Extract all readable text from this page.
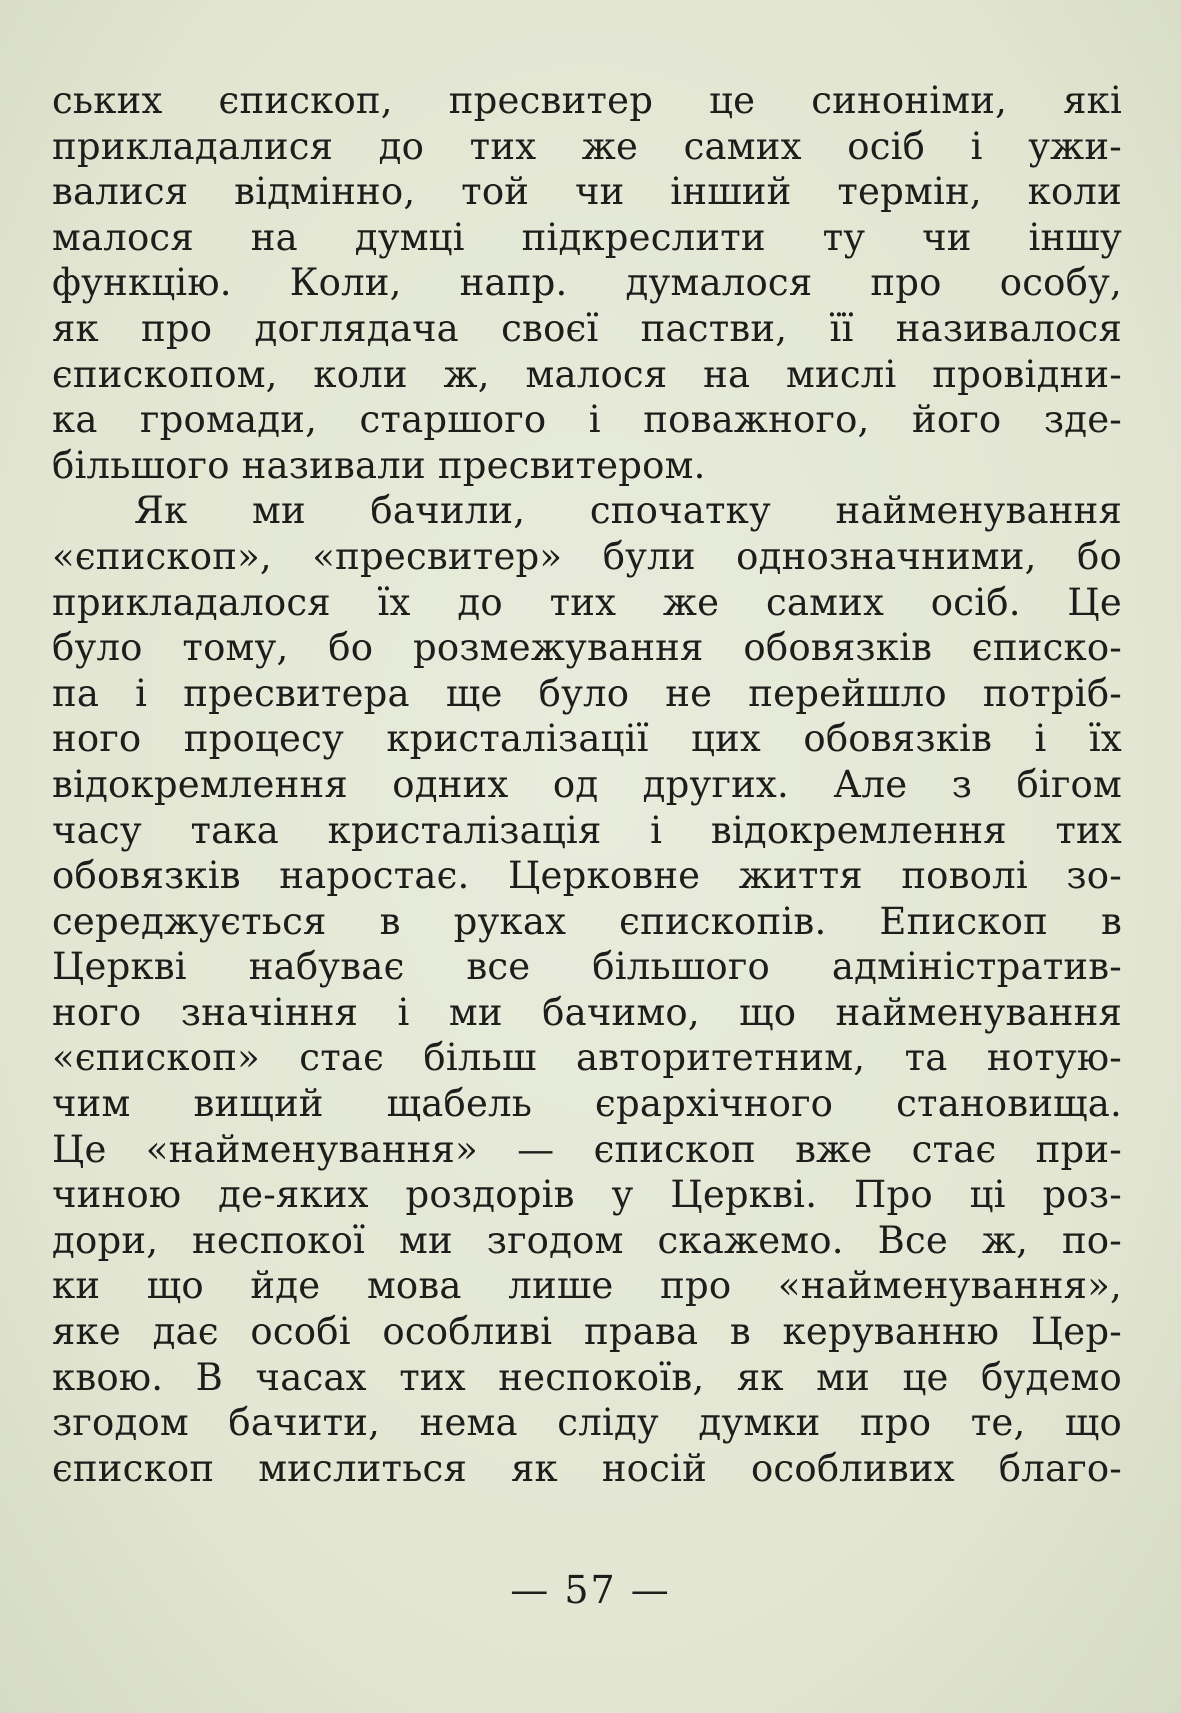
ських єпископ, пресвитер це синоніми, які
прикладалися до тих же самих осіб і ужи-
валися відмінно, той чи інший термін, коли
малося на думці підкреслити ту чи іншу
функцію. Коли, напр. думалося про особу,
як про доглядача своєї пастви, її називалося
єпископом, коли ж, малося на мислі провідни-
ка громади, старшого і поважного, його зде-
більшого називали пресвитером.
Як ми бачили, спочатку найменування
«єпископ», «пресвитер» були однозначними, бо
прикладалося їх до тих же самих осіб. Це
було тому, бо розмежування обовязків єписко-
па і пресвитера ще було не перейшло потріб-
ного процесу кристалізації цих обовязків і їх
відокремлення одних од других. Але з бігом
часу така кристалізація і відокремлення тих
обовязків наростає. Церковне життя поволі зо-
середжується в руках єпископів. Епископ в
Церкві набуває все більшого адміністратив-
ного значіння і ми бачимо, що найменування
«єпископ» стає більш авторитетним, та нотую-
чим вищий щабель єрархічного становища.
Це «найменування» — єпископ вже стає при-
чиною де-яких роздорів у Церкві. Про ці роз-
дори, неспокої ми згодом скажемо. Все ж, по-
ки що йде мова лише про «найменування»,
яке дає особі особливі права в керуванню Цер-
квою. В часах тих неспокоїв, як ми це будемо
згодом бачити, нема сліду думки про те, що
єпископ мислиться як носій особливих благо-
— 57 —
